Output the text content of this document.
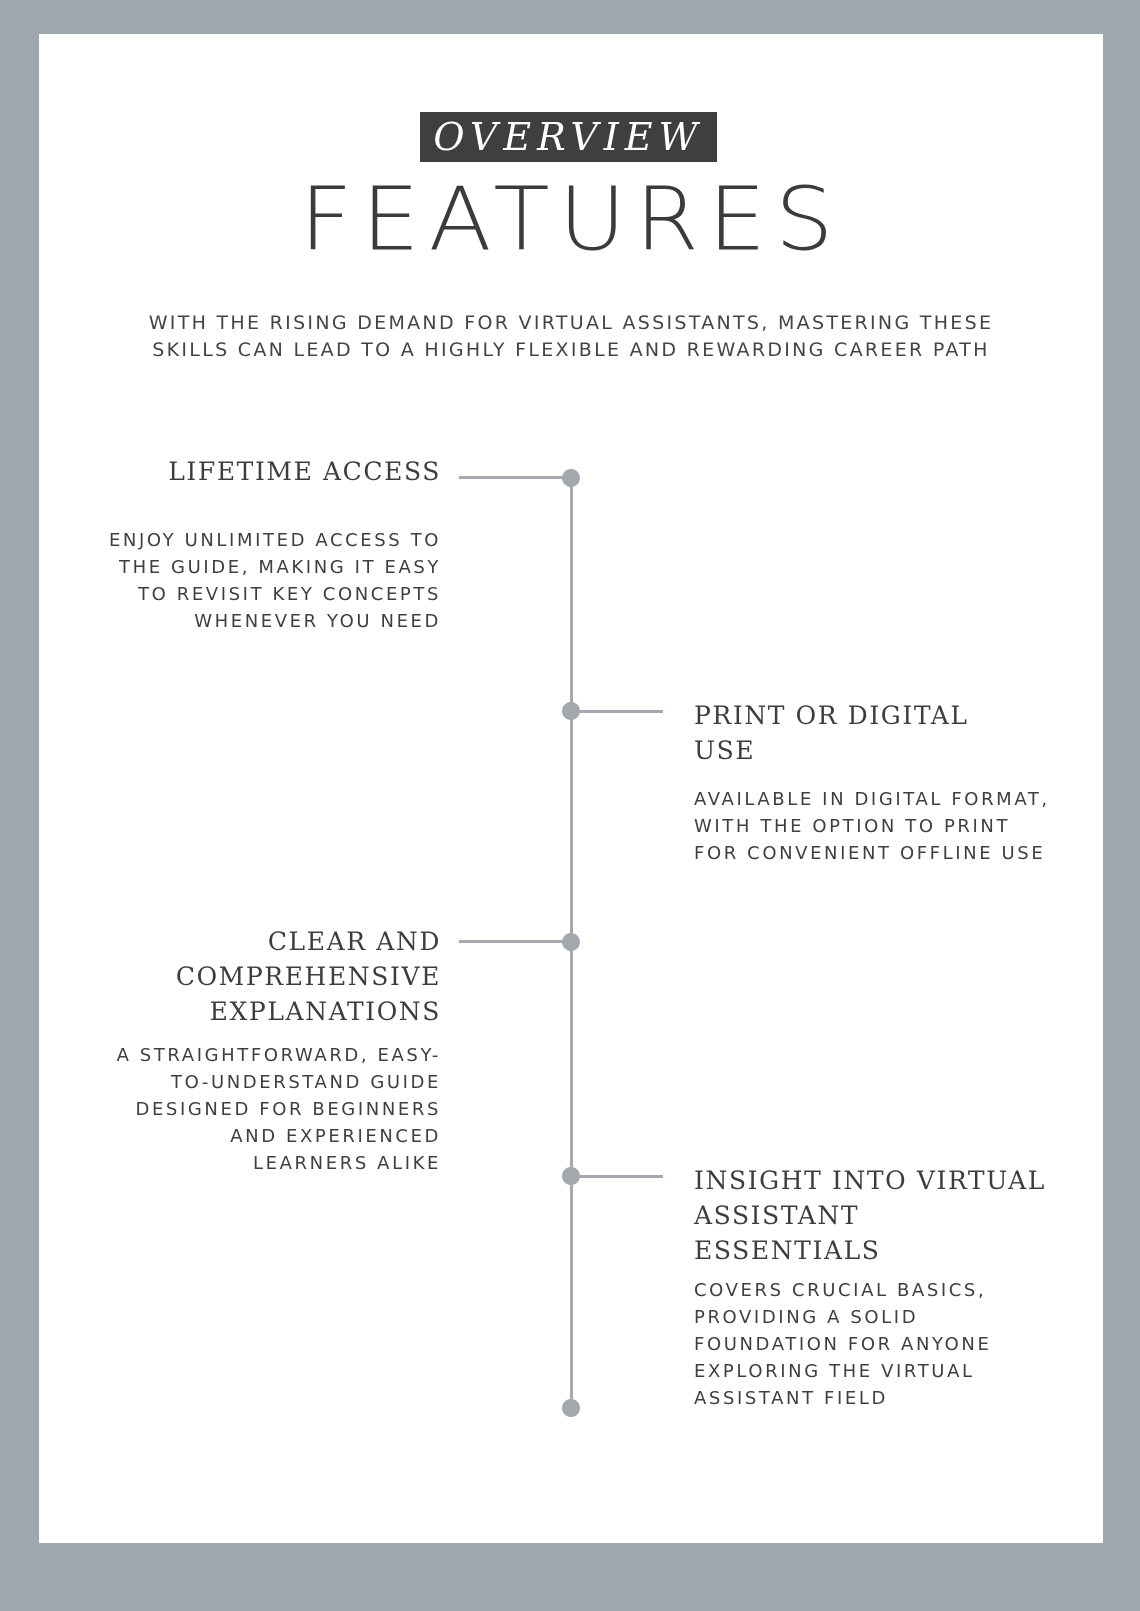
OVERVIEW
FEATURES
WITH THE RISING DEMAND FOR VIRTUAL ASSISTANTS, MASTERING THESE SKILLS CAN LEAD TO A HIGHLY FLEXIBLE AND REWARDING CAREER PATH
LIFETIME ACCESS
ENJOY UNLIMITED ACCESS TO THE GUIDE, MAKING IT EASY TO REVISIT KEY CONCEPTS WHENEVER YOU NEED
PRINT OR DIGITAL USE
AVAILABLE IN DIGITAL FORMAT, WITH THE OPTION TO PRINT FOR CONVENIENT OFFLINE USE
CLEAR AND COMPREHENSIVE EXPLANATIONS
A STRAIGHTFORWARD, EASY-TO-UNDERSTAND GUIDE DESIGNED FOR BEGINNERS AND EXPERIENCED LEARNERS ALIKE
INSIGHT INTO VIRTUAL ASSISTANT ESSENTIALS
COVERS CRUCIAL BASICS, PROVIDING A SOLID FOUNDATION FOR ANYONE EXPLORING THE VIRTUAL ASSISTANT FIELD
